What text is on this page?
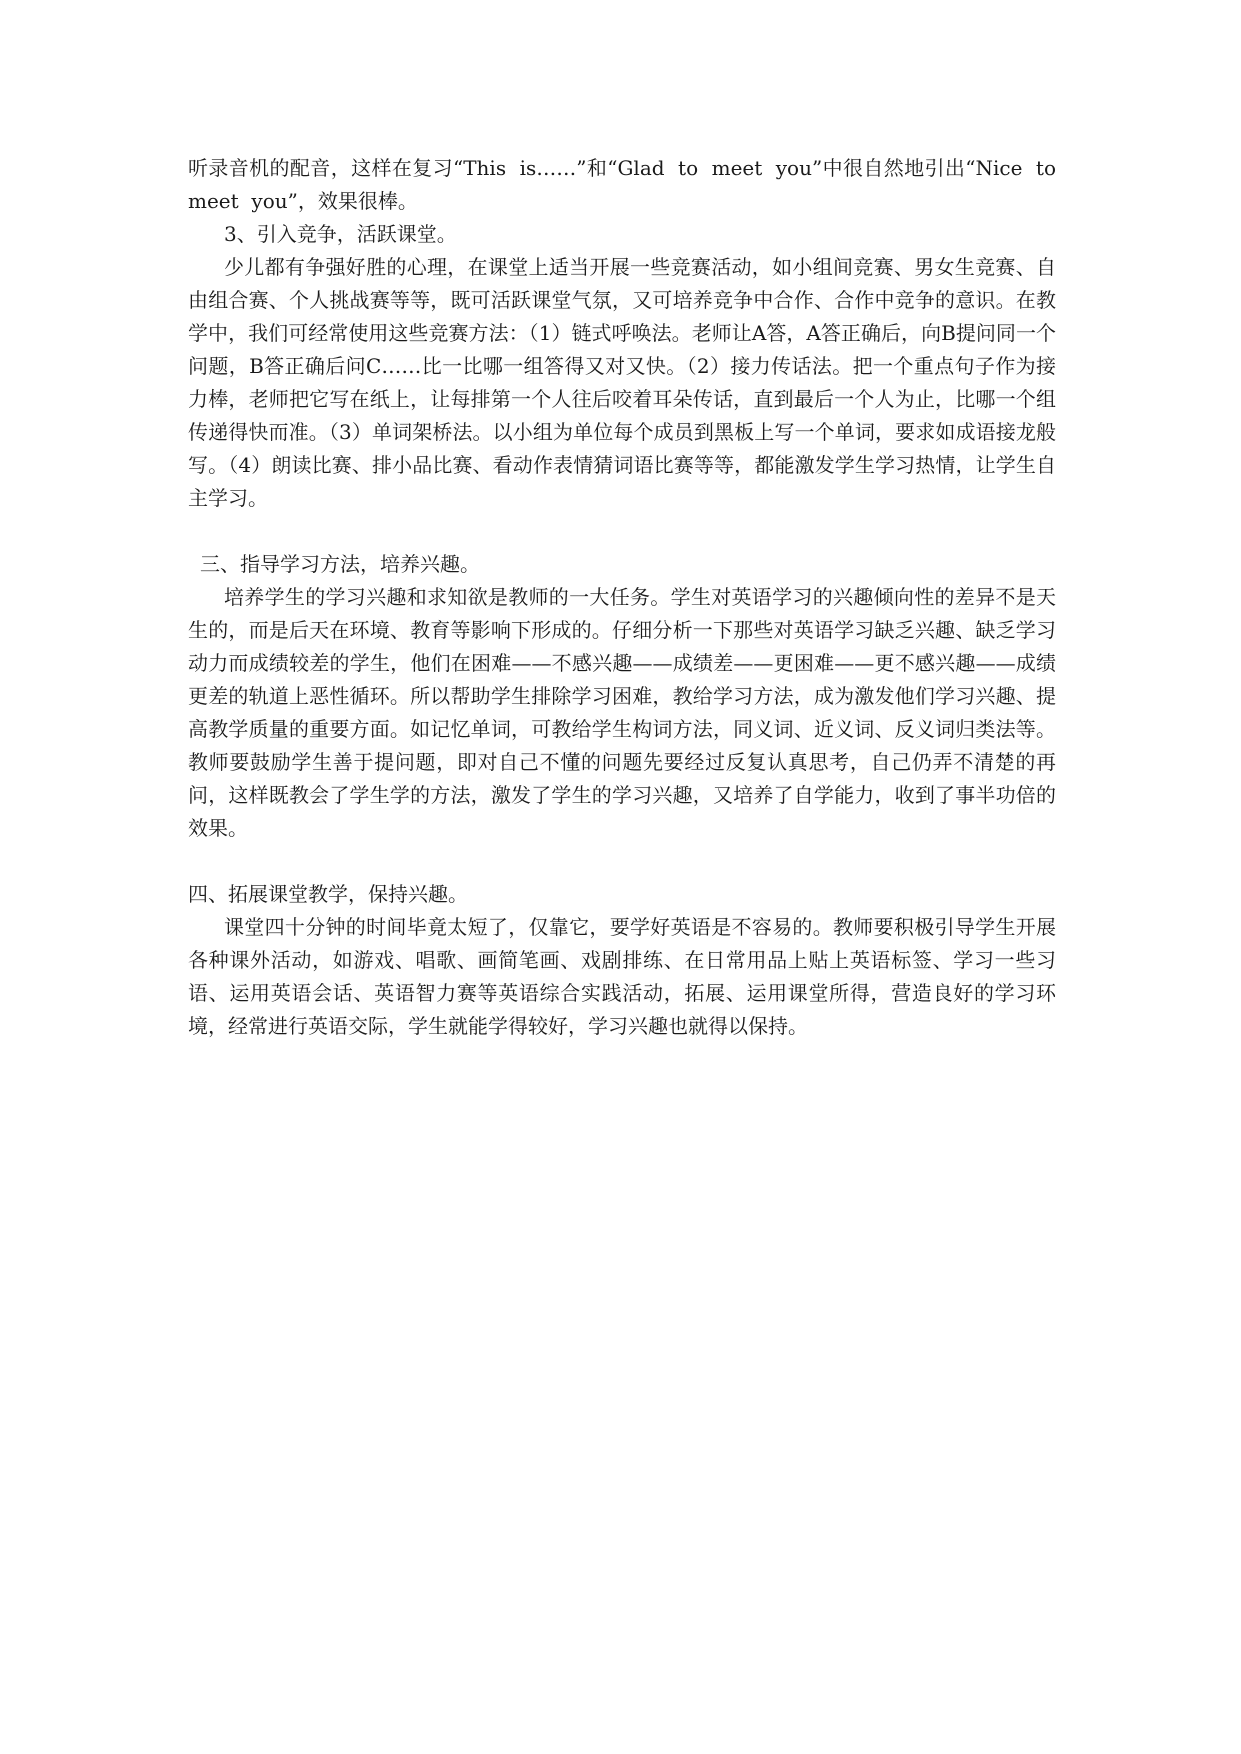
听录音机的配音，这样在复习“This  is……”和“Glad  to  meet  you”中很自然地引出“Nice  to  meet  you”，效果很棒。

3、引入竞争，活跃课堂。

少儿都有争强好胜的心理，在课堂上适当开展一些竞赛活动，如小组间竞赛、男女生竞赛、自由组合赛、个人挑战赛等等，既可活跃课堂气氛，又可培养竞争中合作、合作中竞争的意识。在教学中，我们可经常使用这些竞赛方法：（1）链式呼唤法。老师让A答，A答正确后，向B提问同一个问题，B答正确后问C……比一比哪一组答得又对又快。（2）接力传话法。把一个重点句子作为接力棒，老师把它写在纸上，让每排第一个人往后咬着耳朵传话，直到最后一个人为止，比哪一个组传递得快而准。（3）单词架桥法。以小组为单位每个成员到黑板上写一个单词，要求如成语接龙般写。（4）朗读比赛、排小品比赛、看动作表情猜词语比赛等等，都能激发学生学习热情，让学生自主学习。

三、指导学习方法，培养兴趣。

培养学生的学习兴趣和求知欲是教师的一大任务。学生对英语学习的兴趣倾向性的差异不是天生的，而是后天在环境、教育等影响下形成的。仔细分析一下那些对英语学习缺乏兴趣、缺乏学习动力而成绩较差的学生，他们在困难——不感兴趣——成绩差——更困难——更不感兴趣——成绩更差的轨道上恶性循环。所以帮助学生排除学习困难，教给学习方法，成为激发他们学习兴趣、提高教学质量的重要方面。如记忆单词，可教给学生构词方法，同义词、近义词、反义词归类法等。教师要鼓励学生善于提问题，即对自己不懂的问题先要经过反复认真思考，自己仍弄不清楚的再问，这样既教会了学生学的方法，激发了学生的学习兴趣，又培养了自学能力，收到了事半功倍的效果。

四、拓展课堂教学，保持兴趣。

课堂四十分钟的时间毕竟太短了，仅靠它，要学好英语是不容易的。教师要积极引导学生开展各种课外活动，如游戏、唱歌、画简笔画、戏剧排练、在日常用品上贴上英语标签、学习一些习语、运用英语会话、英语智力赛等英语综合实践活动，拓展、运用课堂所得，营造良好的学习环境，经常进行英语交际，学生就能学得较好，学习兴趣也就得以保持。
